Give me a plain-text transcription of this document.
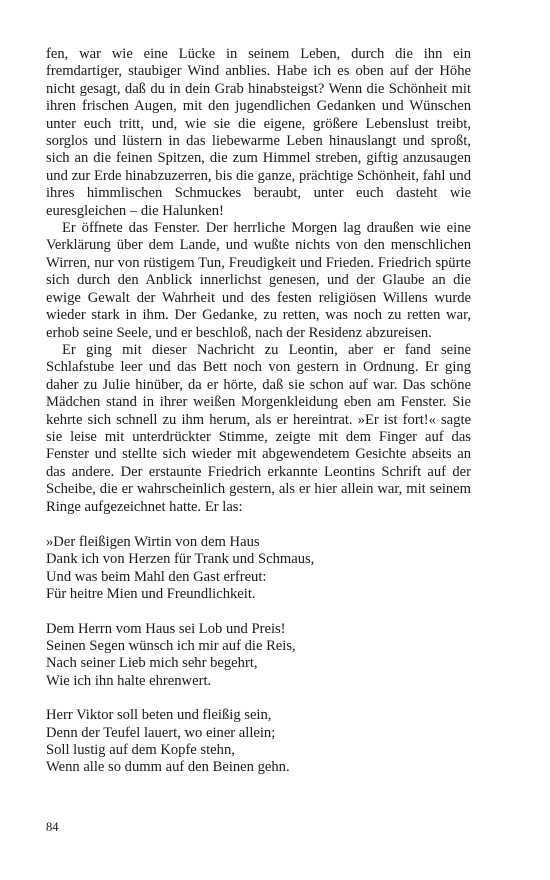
fen, war wie eine Lücke in seinem Leben, durch die ihn ein fremdartiger, staubiger Wind anblies. Habe ich es oben auf der Höhe nicht gesagt, daß du in dein Grab hinabsteigst? Wenn die Schönheit mit ihren frischen Augen, mit den jugendlichen Gedanken und Wünschen unter euch tritt, und, wie sie die eigene, größere Lebenslust treibt, sorglos und lüstern in das liebewarme Leben hinauslangt und sproßt, sich an die feinen Spitzen, die zum Himmel streben, giftig anzusaugen und zur Erde hinabzuzerren, bis die ganze, prächtige Schönheit, fahl und ihres himmlischen Schmuckes beraubt, unter euch dasteht wie euresgleichen – die Halunken!

Er öffnete das Fenster. Der herrliche Morgen lag draußen wie eine Verklärung über dem Lande, und wußte nichts von den menschlichen Wirren, nur von rüstigem Tun, Freudigkeit und Frieden. Friedrich spürte sich durch den Anblick innerlichst genesen, und der Glaube an die ewige Gewalt der Wahrheit und des festen religiösen Willens wurde wieder stark in ihm. Der Gedanke, zu retten, was noch zu retten war, erhob seine Seele, und er beschloß, nach der Residenz abzureisen.

Er ging mit dieser Nachricht zu Leontin, aber er fand seine Schlafstube leer und das Bett noch von gestern in Ordnung. Er ging daher zu Julie hinüber, da er hörte, daß sie schon auf war. Das schöne Mädchen stand in ihrer weißen Morgenkleidung eben am Fenster. Sie kehrte sich schnell zu ihm herum, als er hereintrat. »Er ist fort!« sagte sie leise mit unterdrückter Stimme, zeigte mit dem Finger auf das Fenster und stellte sich wieder mit abgewendetem Gesichte abseits an das andere. Der erstaunte Friedrich erkannte Leontins Schrift auf der Scheibe, die er wahrscheinlich gestern, als er hier allein war, mit seinem Ringe aufgezeichnet hatte. Er las:

»Der fleißigen Wirtin von dem Haus
Dank ich von Herzen für Trank und Schmaus,
Und was beim Mahl den Gast erfreut:
Für heitre Mien und Freundlichkeit.
Dem Herrn vom Haus sei Lob und Preis!
Seinen Segen wünsch ich mir auf die Reis,
Nach seiner Lieb mich sehr begehrt,
Wie ich ihn halte ehrenwert.
Herr Viktor soll beten und fleißig sein,
Denn der Teufel lauert, wo einer allein;
Soll lustig auf dem Kopfe stehn,
Wenn alle so dumm auf den Beinen gehn.
84
